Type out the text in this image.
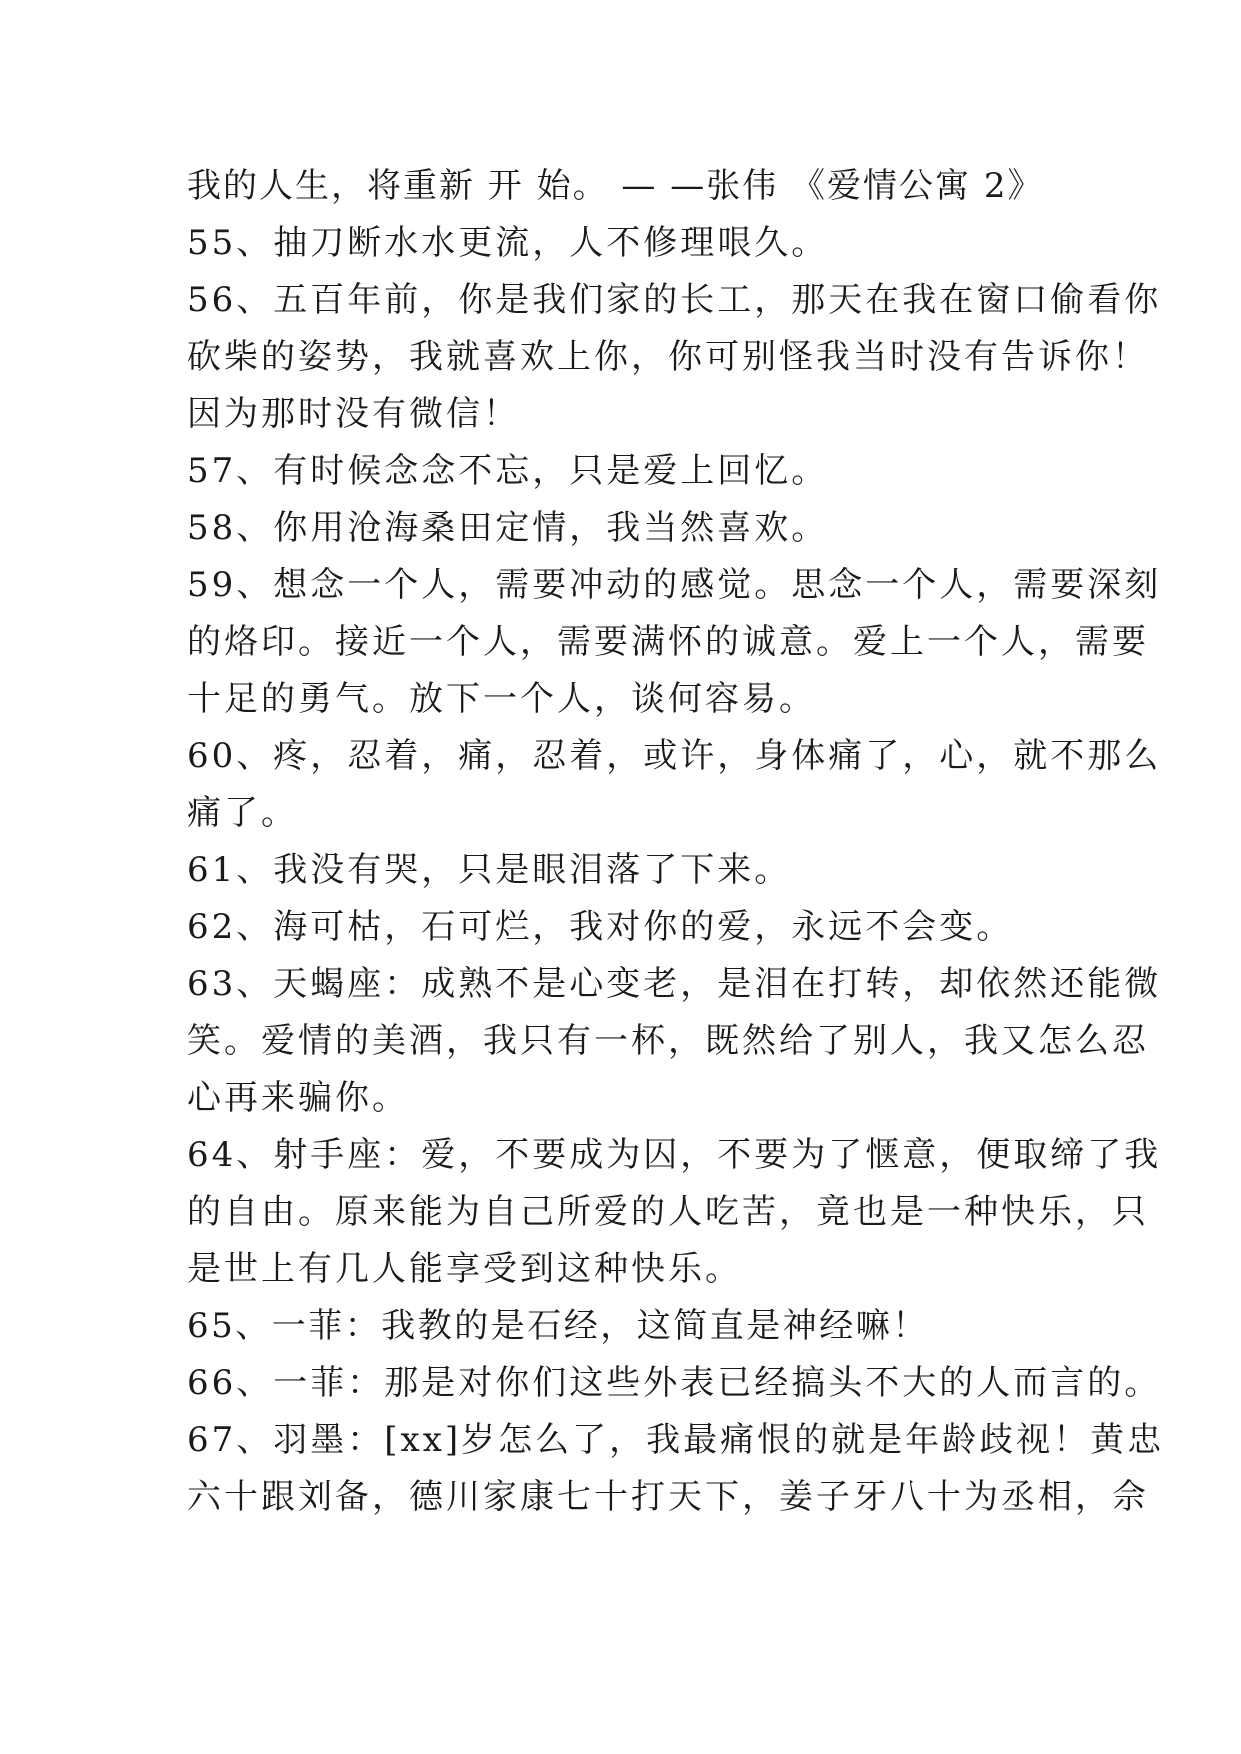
我的人生，将重新 开 始。 — —张伟 《爱情公寓 2》
55、抽刀断水水更流，人不修理哏久。
56、五百年前，你是我们家的长工，那天在我在窗口偷看你
砍柴的姿势，我就喜欢上你，你可别怪我当时没有告诉你！
因为那时没有微信！
57、有时候念念不忘，只是爱上回忆。
58、你用沧海桑田定情，我当然喜欢。
59、想念一个人，需要冲动的感觉。思念一个人，需要深刻
的烙印。接近一个人，需要满怀的诚意。爱上一个人，需要
十足的勇气。放下一个人，谈何容易。
60、疼，忍着，痛，忍着，或许，身体痛了，心，就不那么
痛了。
61、我没有哭，只是眼泪落了下来。
62、海可枯，石可烂，我对你的爱，永远不会变。
63、天蝎座：成熟不是心变老，是泪在打转，却依然还能微
笑。爱情的美酒，我只有一杯，既然给了别人，我又怎么忍
心再来骗你。
64、射手座：爱，不要成为囚，不要为了惬意，便取缔了我
的自由。原来能为自己所爱的人吃苦，竟也是一种快乐，只
是世上有几人能享受到这种快乐。
65、一菲：我教的是石经，这简直是神经嘛！
66、一菲：那是对你们这些外表已经搞头不大的人而言的。
67、羽墨：[xx]岁怎么了，我最痛恨的就是年龄歧视！黄忠
六十跟刘备，德川家康七十打天下，姜子牙八十为丞相，佘
